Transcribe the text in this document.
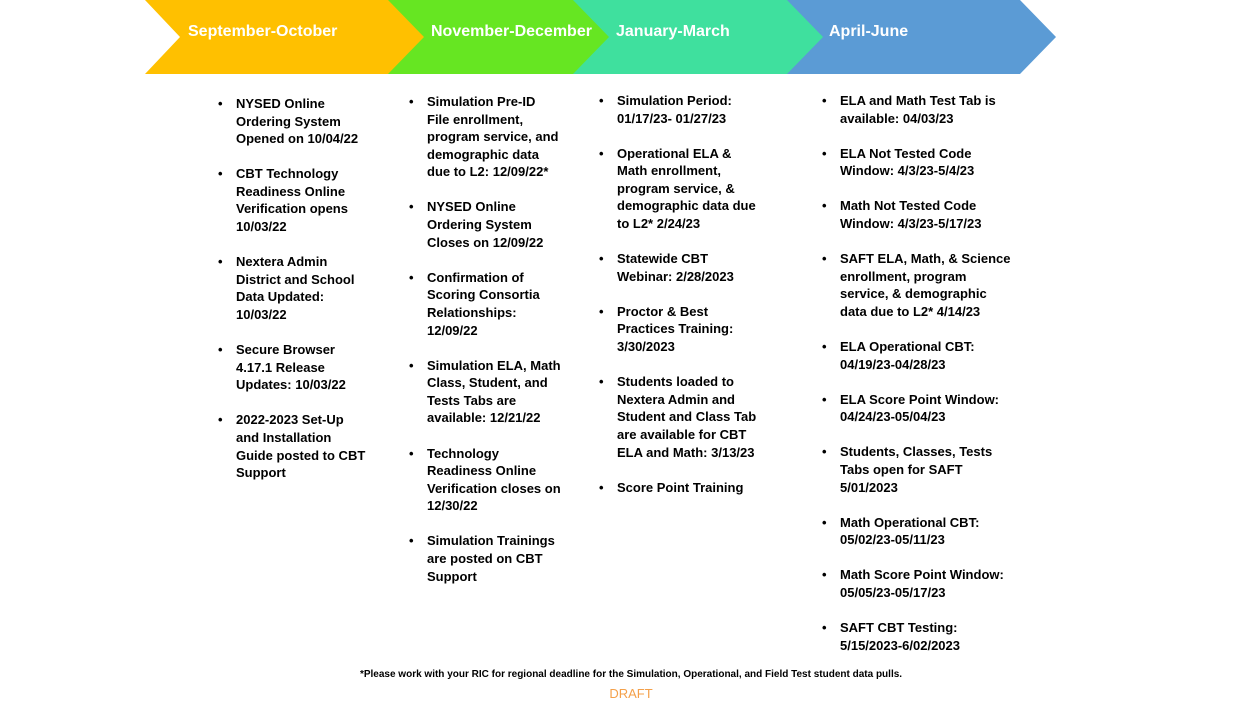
September-October	November-December January-March	April-June
• NYSED Online Ordering System Opened on 10/04/22
• CBT Technology Readiness Online Verification opens 10/03/22
• Nextera Admin District and School Data Updated: 10/03/22
• Secure Browser 4.17.1 Release Updates: 10/03/22
• 2022-2023 Set-Up and Installation Guide posted to CBT Support
• Simulation Pre-ID File enrollment, program service, and demographic data due to L2: 12/09/22*
• NYSED Online Ordering System Closes on 12/09/22
• Confirmation of Scoring Consortia Relationships: 12/09/22
• Simulation ELA, Math Class, Student, and Tests Tabs are available: 12/21/22
• Technology Readiness Online Verification closes on 12/30/22
• Simulation Trainings are posted on CBT Support
• Simulation Period: 01/17/23- 01/27/23
• Operational ELA & Math enrollment, program service, & demographic data due to L2* 2/24/23
• Statewide CBT Webinar: 2/28/2023
• Proctor & Best Practices Training: 3/30/2023
• Students loaded to Nextera Admin and Student and Class Tab are available for CBT ELA and Math: 3/13/23
• Score Point Training
• ELA and Math Test Tab is available: 04/03/23
• ELA Not Tested Code Window: 4/3/23-5/4/23
• Math Not Tested Code Window: 4/3/23-5/17/23
• SAFT ELA, Math, & Science enrollment, program service, & demographic data due to L2* 4/14/23
• ELA Operational CBT: 04/19/23-04/28/23
• ELA Score Point Window: 04/24/23-05/04/23
• Students, Classes, Tests Tabs open for SAFT 5/01/2023
• Math Operational CBT: 05/02/23-05/11/23
• Math Score Point Window: 05/05/23-05/17/23
• SAFT CBT Testing: 5/15/2023-6/02/2023
*Please work with your RIC for regional deadline for the Simulation, Operational, and Field Test student data pulls.
DRAFT
